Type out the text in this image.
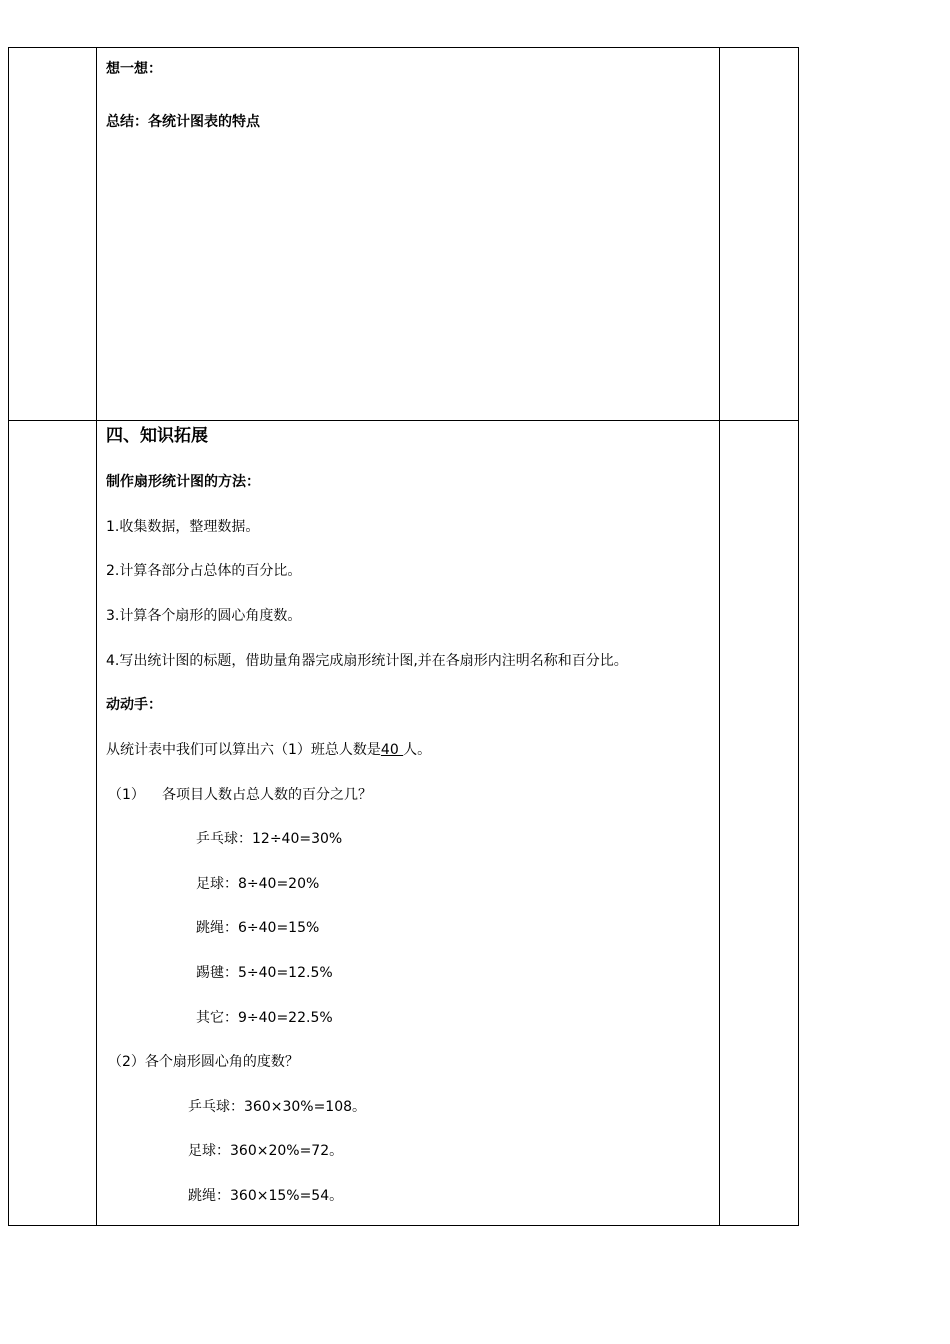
想一想：
总结：各统计图表的特点
四、知识拓展
制作扇形统计图的方法：
1.收集数据，整理数据。
2.计算各部分占总体的百分比。
3.计算各个扇形的圆心角度数。
4.写出统计图的标题，借助量角器完成扇形统计图,并在各扇形内注明名称和百分比。
动动手：
从统计表中我们可以算出六（1）班总人数是40 人。
（1） 各项目人数占总人数的百分之几？
乒乓球：12÷40=30%
足球：8÷40=20%
跳绳：6÷40=15%
踢毽：5÷40=12.5%
其它：9÷40=22.5%
（2）各个扇形圆心角的度数？
乒乓球：360×30%=108。
足球：360×20%=72。
跳绳：360×15%=54。
